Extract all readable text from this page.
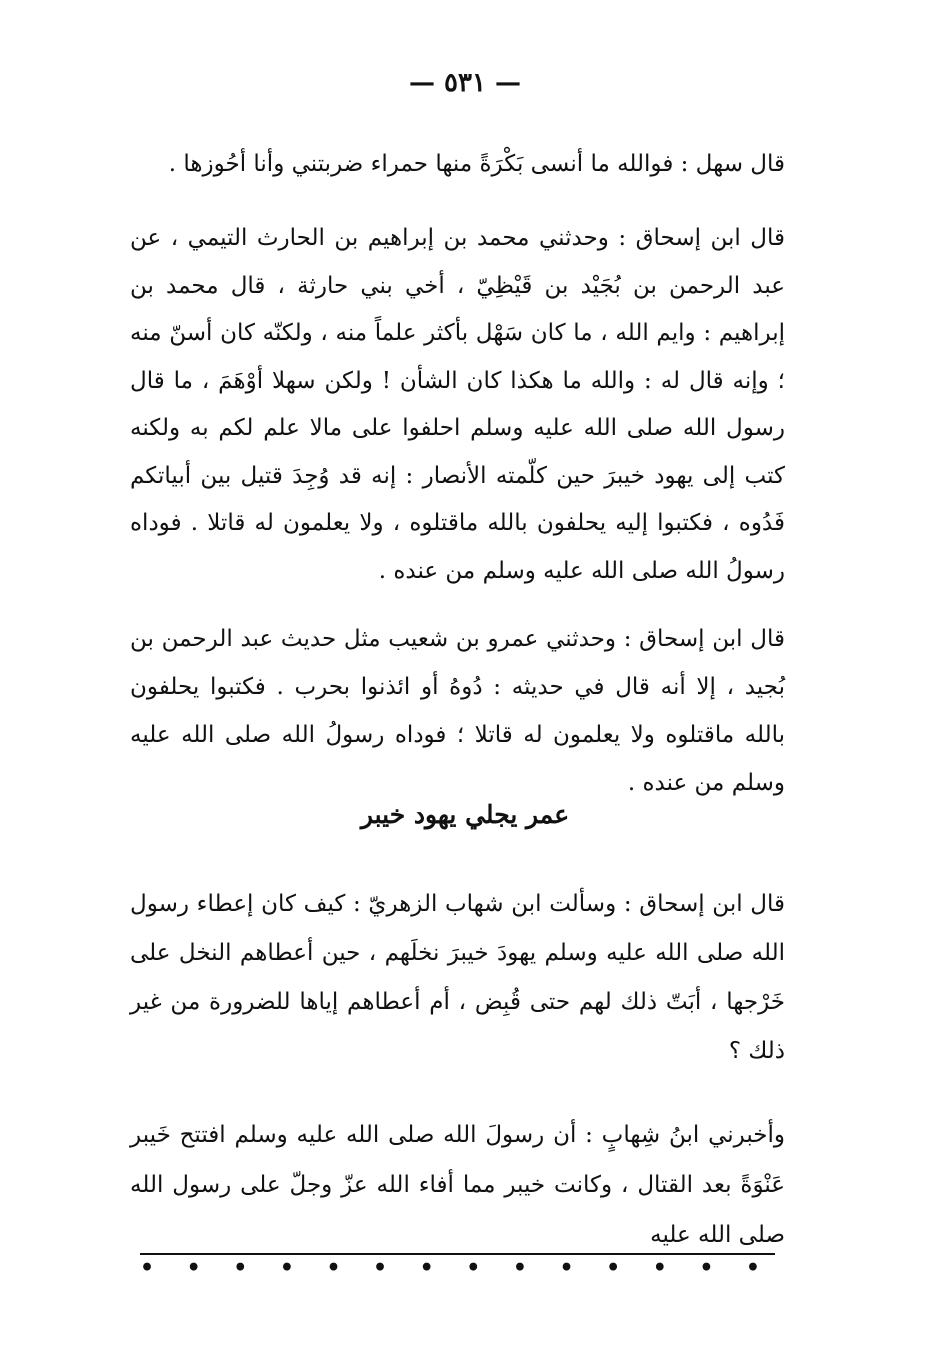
— ٥٣١ —

قال سهل : فوالله ما أنسى بَكْرَةً منها حمراء ضربتني وأنا أحُوزها .

قال ابن إسحاق : وحدثني محمد بن إبراهيم بن الحارث التيمي ، عن عبد الرحمن بن بُجَيْد بن قَيْظِيّ ، أخي بني حارثة ، قال محمد بن إبراهيم : وايم الله ، ما كان سَهْل بأكثر علماً منه ، ولكنّه كان أسنّ منه ؛ وإنه قال له : والله ما هكذا كان الشأن ! ولكن سهلا أوْهَمَ ، ما قال رسول الله صلى الله عليه وسلم احلفوا على مالا علم لكم به ولكنه كتب إلى يهود خيبرَ حين كلّمته الأنصار : إنه قد وُجِدَ قتيل بين أبياتكم فَدُوه ، فكتبوا إليه يحلفون بالله ماقتلوه ، ولا يعلمون له قاتلا . فوداه رسولُ الله صلى الله عليه وسلم من عنده .

قال ابن إسحاق : وحدثني عمرو بن شعيب مثل حديث عبد الرحمن بن بُجيد ، إلا أنه قال في حديثه : دُوهُ أو ائذنوا بحرب . فكتبوا يحلفون بالله ماقتلوه ولا يعلمون له قاتلا ؛ فوداه رسولُ الله صلى الله عليه وسلم من عنده .

عمر يجلي يهود خيبر

قال ابن إسحاق : وسألت ابن شهاب الزهريّ : كيف كان إعطاء رسول الله صلى الله عليه وسلم يهودَ خيبرَ نخلَهم ، حين أعطاهم النخل على خَرْجها ، أبَتّ ذلك لهم حتى قُبِض ، أم أعطاهم إياها للضرورة من غير ذلك ؟

وأخبرني ابنُ شِهابٍ : أن رسولَ الله صلى الله عليه وسلم افتتح خَيبر عَنْوَةً بعد القتال ، وكانت خيبر مما أفاء الله عزّ وجلّ على رسول الله صلى الله عليه

• • • • • • • • • • • • • •
